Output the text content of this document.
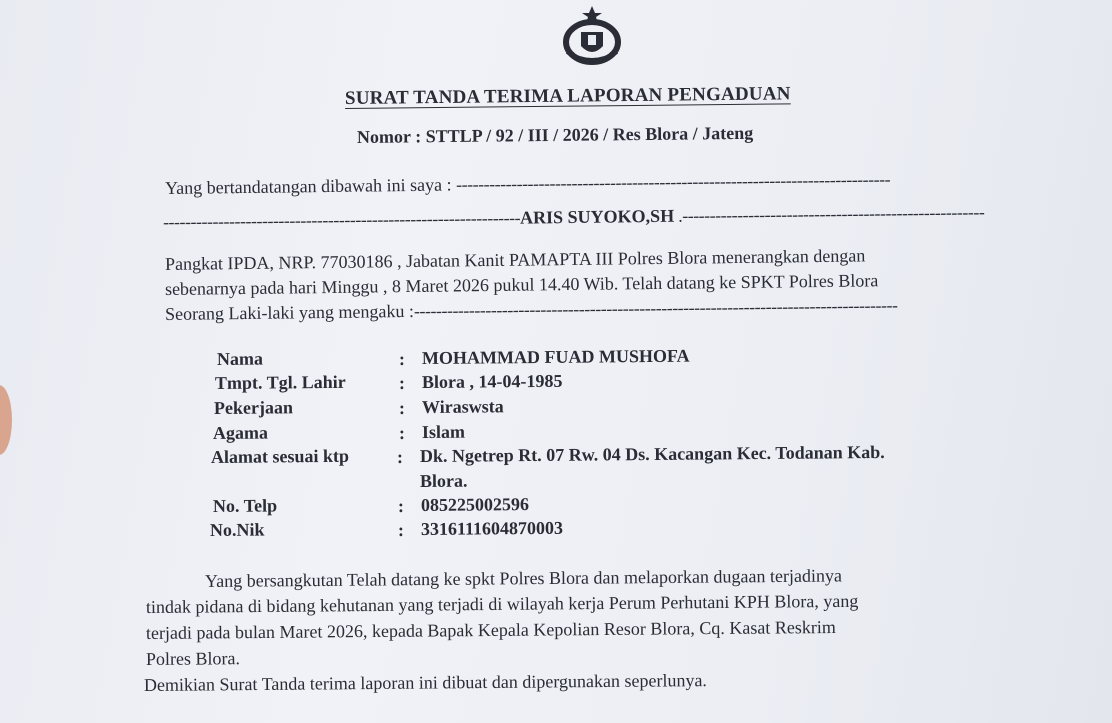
SURAT TANDA TERIMA LAPORAN PENGADUAN
Nomor : STTLP / 92 / III / 2026 / Res Blora / Jateng
Yang bertandatangan dibawah ini saya : -------------------------------------------------------------------------------
-----------------------------------------------------------------ARIS SUYOKO,SH .-------------------------------------------------------
Pangkat IPDA, NRP. 77030186 , Jabatan Kanit PAMAPTA III Polres Blora menerangkan dengan
sebenarnya pada hari Minggu , 8 Maret 2026 pukul 14.40 Wib. Telah datang ke SPKT Polres Blora
Seorang Laki-laki yang mengaku :----------------------------------------------------------------------------------------
Nama	: MOHAMMAD FUAD MUSHOFA
Tmpt. Tgl. Lahir	: Blora , 14-04-1985
Pekerjaan	: Wiraswsta
Agama	: Islam
Alamat sesuai ktp	: Dk. Ngetrep Rt. 07 Rw. 04 Ds. Kacangan Kec. Todanan Kab.
Blora.
No. Telp	: 085225002596
No.Nik	: 3316111604870003
Yang bersangkutan Telah datang ke spkt Polres Blora dan melaporkan dugaan terjadinya
tindak pidana di bidang kehutanan yang terjadi di wilayah kerja Perum Perhutani KPH Blora, yang
terjadi pada bulan Maret 2026, kepada Bapak Kepala Kepolian Resor Blora, Cq. Kasat Reskrim
Polres Blora.
Demikian Surat Tanda terima laporan ini dibuat dan dipergunakan seperlunya.
